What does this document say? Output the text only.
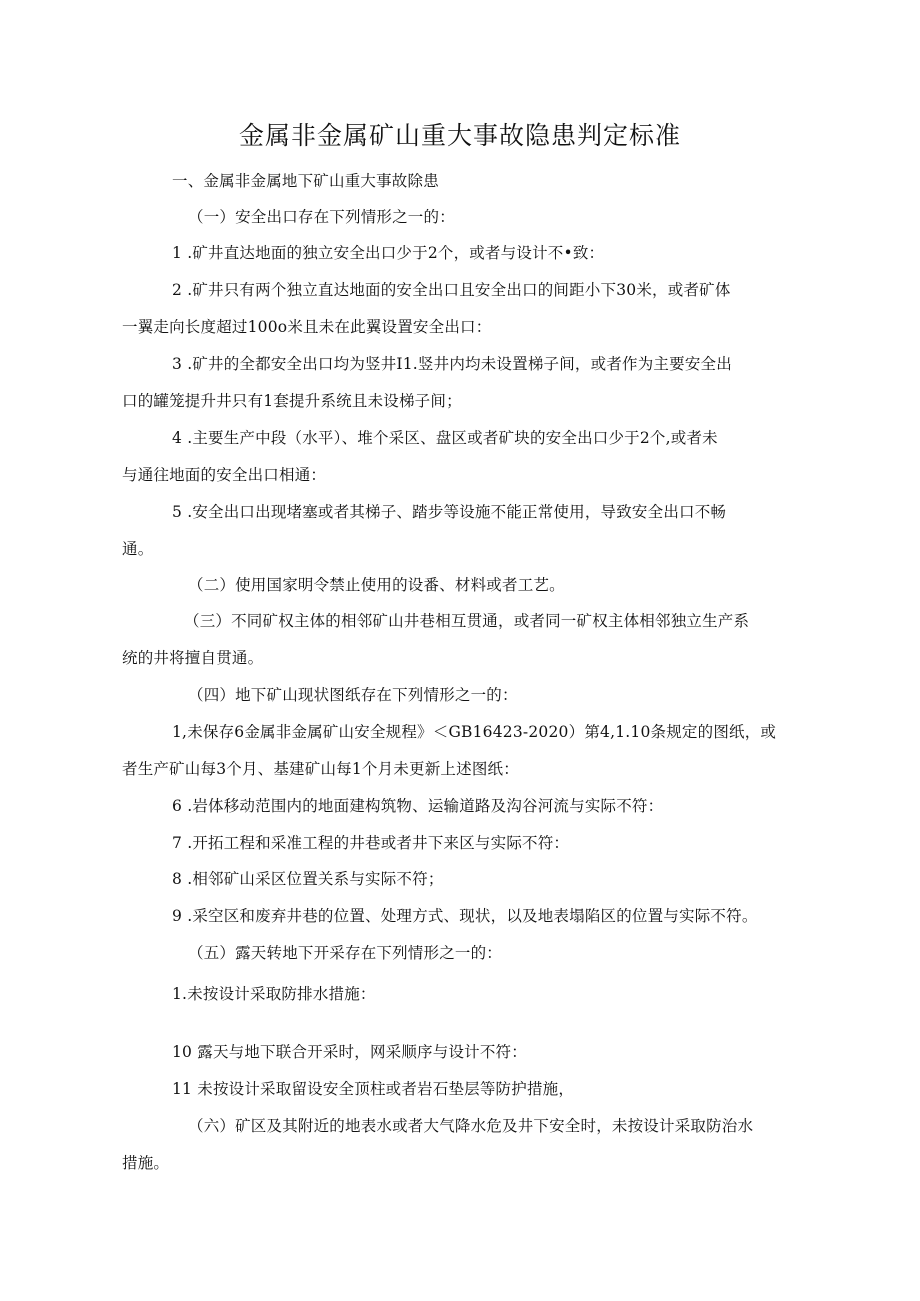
金属非金属矿山重大事故隐患判定标准
一、金属非金属地下矿山重大事故除患
（一）安全出口存在下列情形之一的：
1 .矿井直达地面的独立安全出口少于2个，或者与设计不•致：
2 .矿井只有两个独立直达地面的安全出口且安全出口的间距小下30米，或者矿体
一翼走向长度超过100o米且未在此翼设置安全出口：
3 .矿井的全都安全出口均为竖井I1.竖井内均未设置梯子间，或者作为主要安全出
口的罐笼提升井只有1套提升系统且未设梯子间；
4 .主要生产中段（水平）、堆个采区、盘区或者矿块的安全出口少于2个,或者未
与通往地面的安全出口相通：
5 .安全出口出现堵塞或者其梯子、踏步等设施不能正常使用，导致安全出口不畅
通。
（二）使用国家明令禁止使用的设番、材料或者工艺。
（三）不同矿权主体的相邻矿山井巷相互贯通，或者同一矿权主体相邻独立生产系
统的井将擅自贯通。
（四）地下矿山现状图纸存在下列情形之一的：
1,未保存6金属非金属矿山安全规程》＜GB16423-2020）第4,1.10条规定的图纸，或
者生产矿山每3个月、基建矿山每1个月未更新上述图纸：
6 .岩体移动范围内的地面建构筑物、运输道路及沟谷河流与实际不符：
7 .开拓工程和采准工程的井巷或者井下来区与实际不符：
8 .相邻矿山采区位置关系与实际不符；
9 .采空区和废弃井巷的位置、处理方式、现状，以及地表塌陷区的位置与实际不符。
（五）露天转地下开采存在下列情形之一的：
1.未按设计采取防排水措施：
10 露天与地下联合开采时，网采顺序与设计不符：
11 未按设计采取留设安全顶柱或者岩石垫层等防护措施，
（六）矿区及其附近的地表水或者大气降水危及井下安全时，未按设计采取防治水
措施。
